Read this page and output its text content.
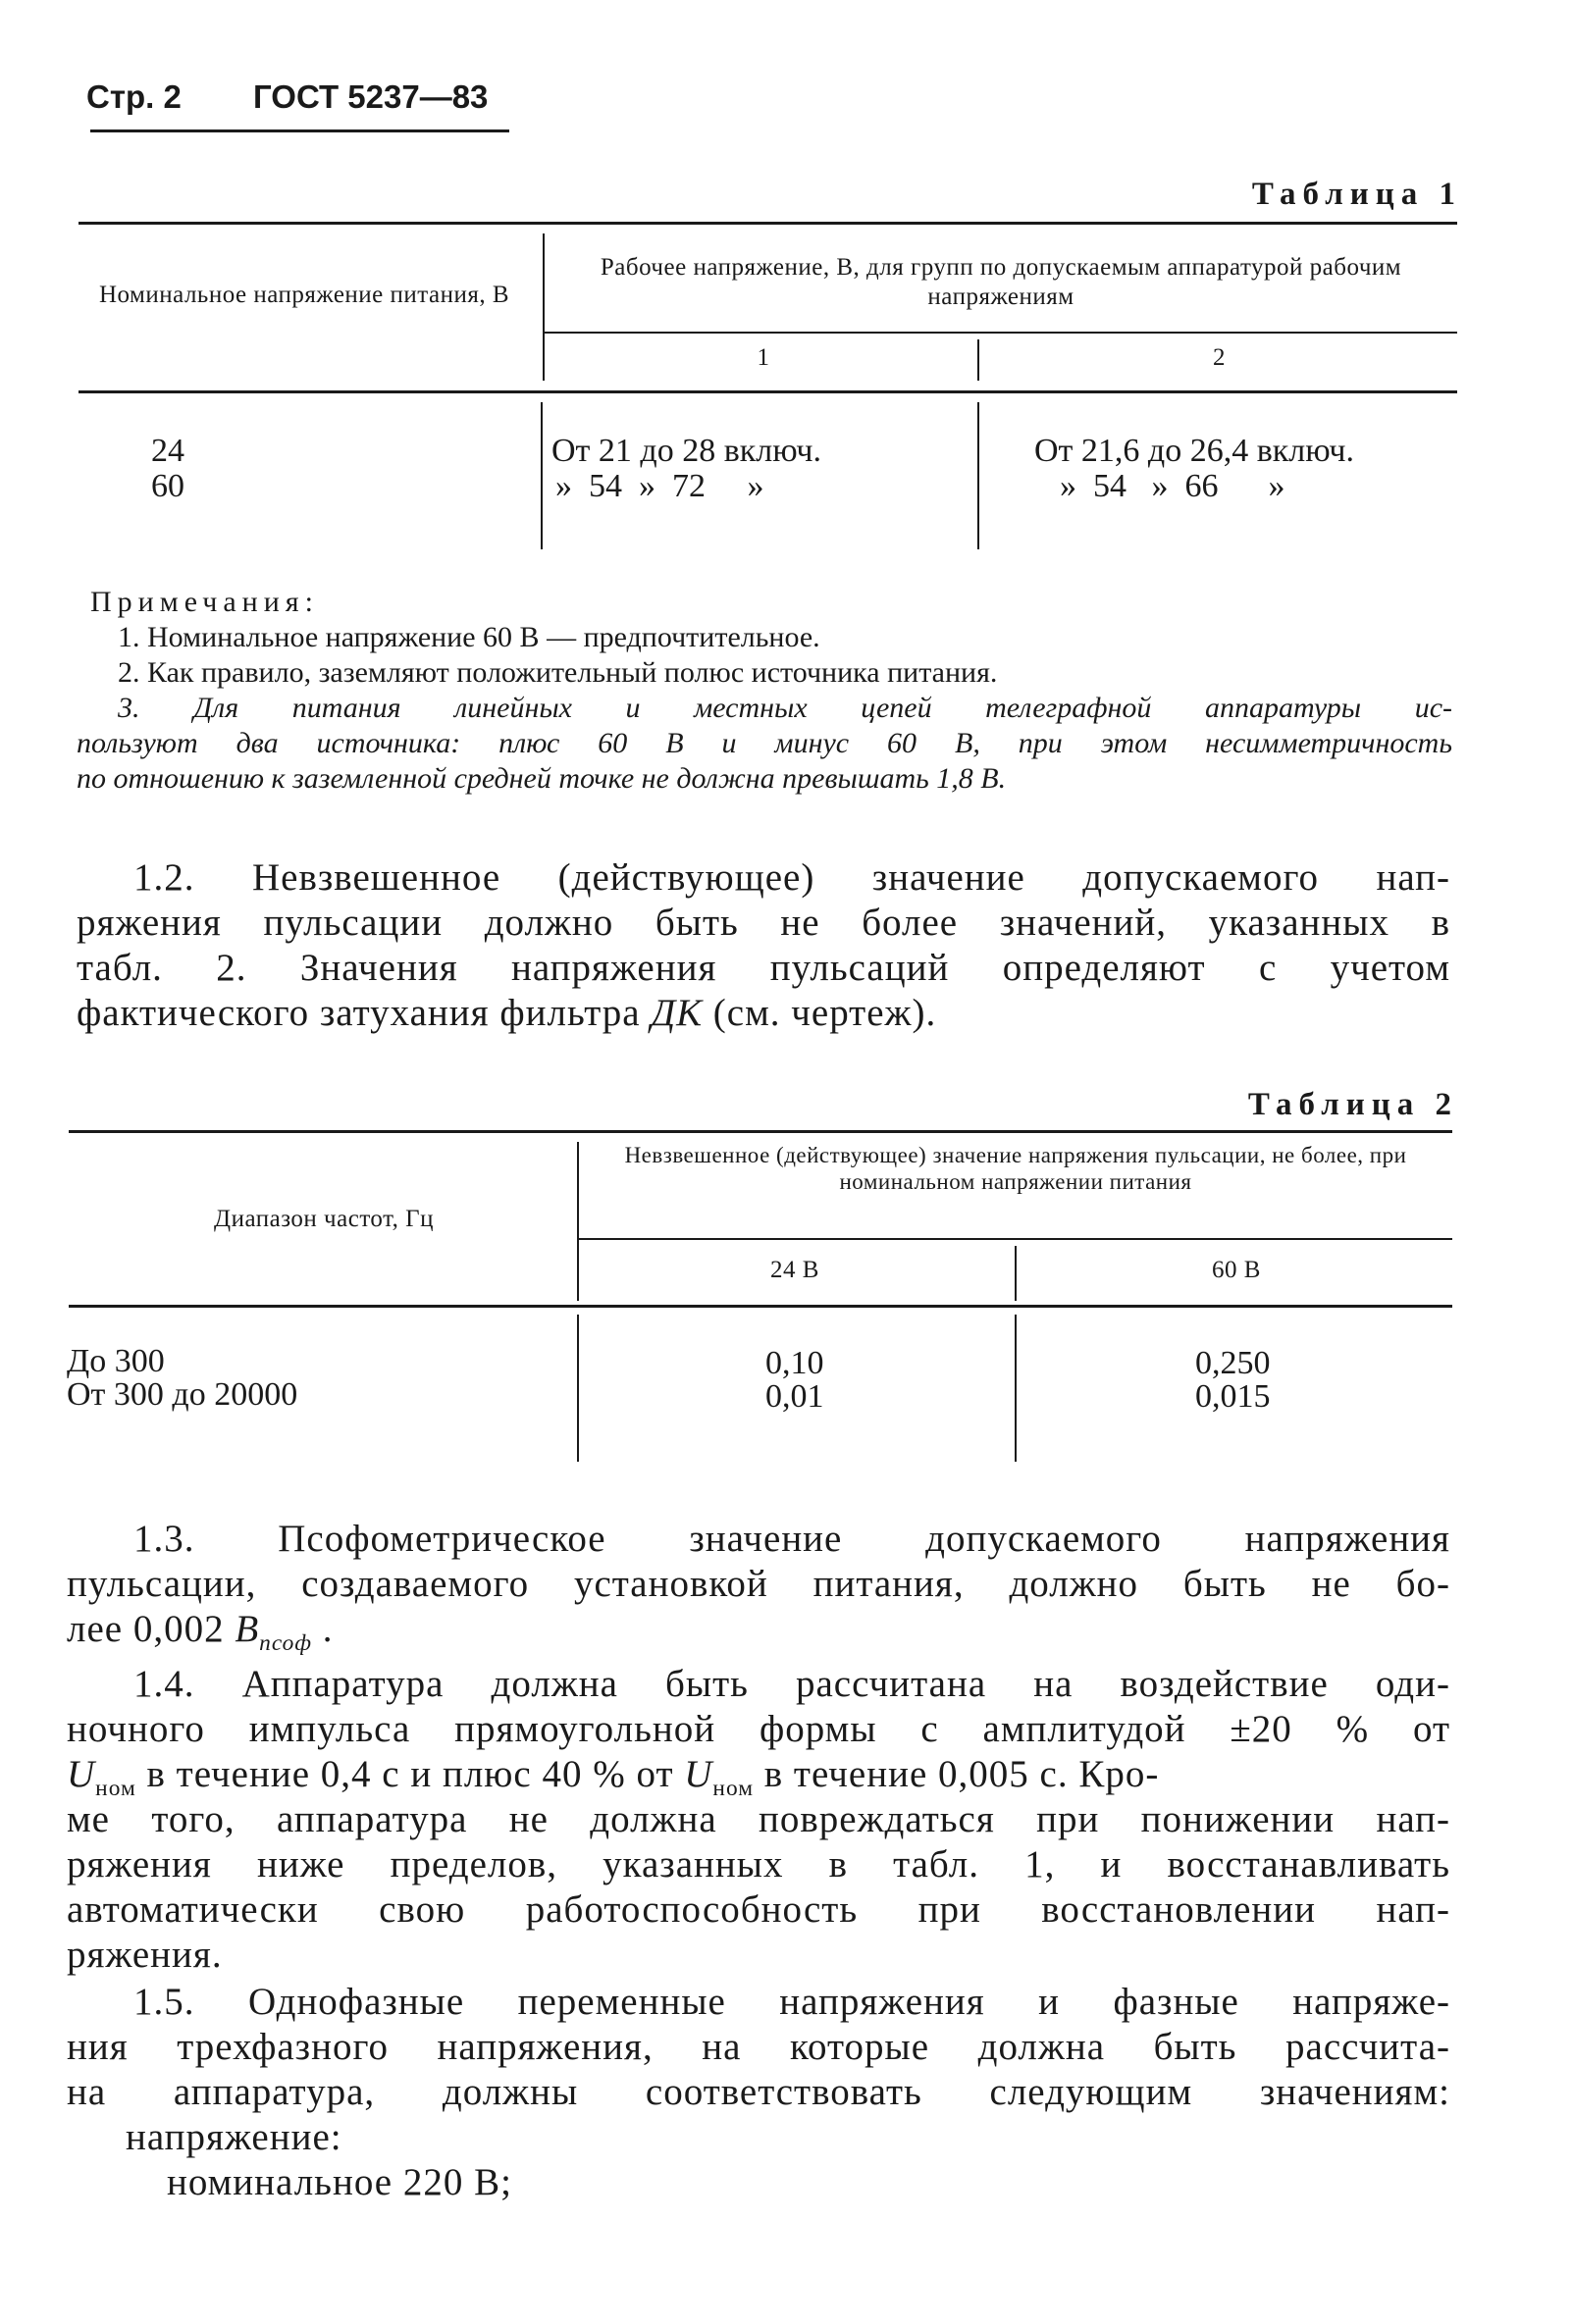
Стр. 2 ГОСТ 5237—83
Таблица 1
Номинальное напряжение питания, В
Рабочее напряжение, В, для групп по допускаемым аппаратурой рабочим напряжениям
1	2
24	От 21 до 28 включ.	От 21,6 до 26,4 включ.
60	»  54  »  72     »	»  54   »  66      »
Примечания:
1. Номинальное напряжение 60 В — предпочтительное.
2. Как правило, заземляют положительный полюс источника питания.
3. Для питания линейных и местных цепей телеграфной аппаратуры ис-
пользуют два источника: плюс 60 В и минус 60 В, при этом несимметричность
по отношению к заземленной средней точке не должна превышать 1,8 В.
1.2. Невзвешенное (действующее) значение допускаемого нап-
ряжения пульсации должно быть не более значений, указанных в
табл. 2. Значения напряжения пульсаций определяют с учетом
фактического затухания фильтра ДК (см. чертеж).
Таблица 2
Диапазон частот, Гц
Невзвешенное (действующее) значение напряжения пульсации, не более, при номинальном напряжении питания
24 В	60 В
До 300	0,10	0,250
От 300 до 20000	0,01	0,015
1.3. Псофометрическое значение допускаемого напряжения
пульсации, создаваемого установкой питания, должно быть не бо-
лее 0,002 $В_{псоф}$ .
1.4. Аппаратура должна быть рассчитана на воздействие оди-
ночного импульса прямоугольной формы с амплитудой ±20 % от
$U_{ном}$ в течение 0,4 с и плюс 40 % от $U_{ном}$ в течение 0,005 с. Кро-
ме того, аппаратура не должна повреждаться при понижении нап-
ряжения ниже пределов, указанных в табл. 1, и восстанавливать
автоматически свою работоспособность при восстановлении нап-
ряжения.
1.5. Однофазные переменные напряжения и фазные напряже-
ния трехфазного напряжения, на которые должна быть рассчита-
на аппаратура, должны соответствовать следующим значениям:
напряжение:
номинальное 220 В;
